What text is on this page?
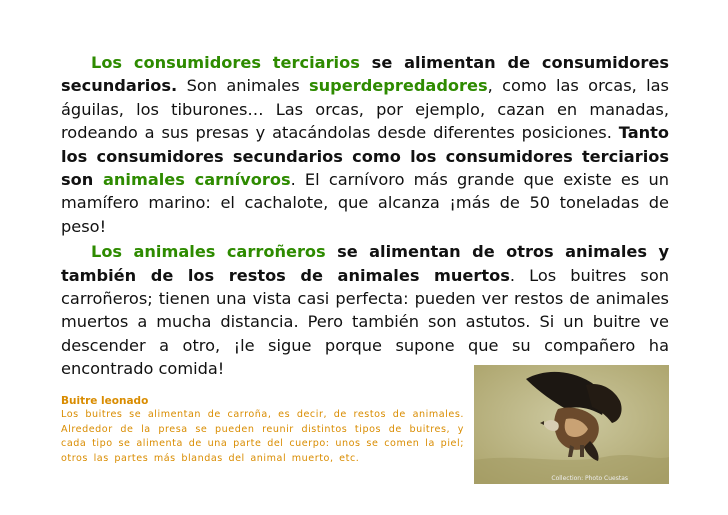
Los consumidores terciarios se alimentan de consumidores secundarios. Son animales superdepredadores, como las orcas, las águilas, los tiburones… Las orcas, por ejemplo, cazan en manadas, rodeando a sus presas y atacándolas desde diferentes posiciones. Tanto los consumidores secundarios como los consumidores terciarios son animales carnívoros. El carnívoro más grande que existe es un mamífero marino: el cachalote, que alcanza ¡más de 50 toneladas de peso!

Los animales carroñeros se alimentan de otros animales y también de los restos de animales muertos. Los buitres son carroñeros; tienen una vista casi perfecta: pueden ver restos de animales muertos a mucha distancia. Pero también son astutos. Si un buitre ve descender a otro, ¡le sigue porque supone que su compañero ha encontrado comida!

Buitre leonado
Los buitres se alimentan de carroña, es decir, de restos de animales. Alrededor de la presa se pueden reunir distintos tipos de buitres, y cada tipo se alimenta de una parte del cuerpo: unos se comen la piel; otros las partes más blandas del animal muerto, etc.
Collection: Photo Cuestas
